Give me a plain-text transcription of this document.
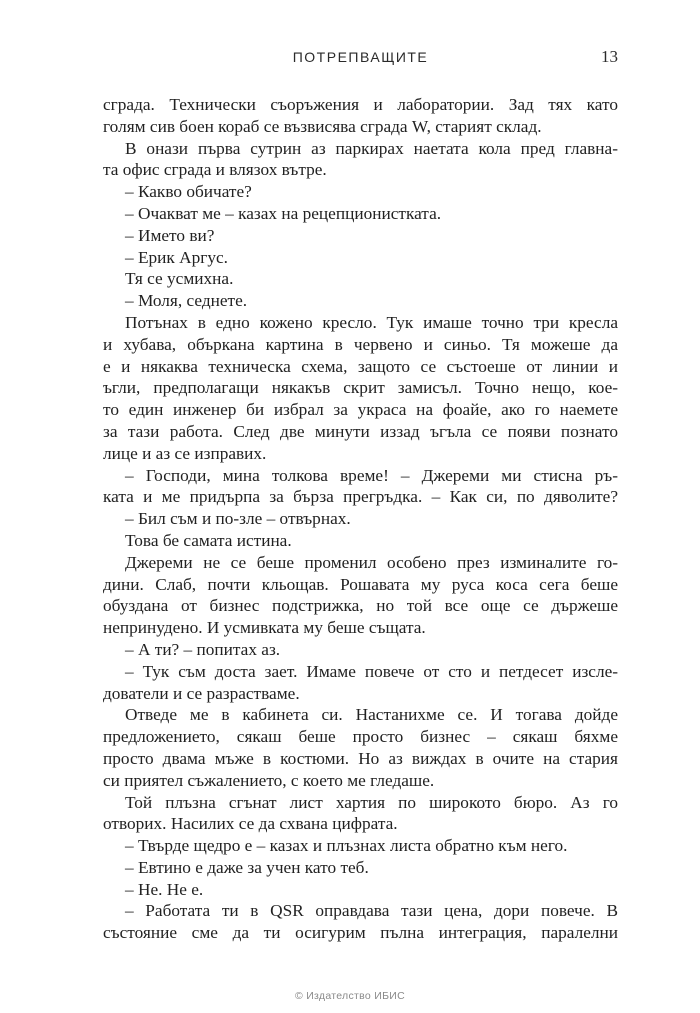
ПОТРЕПВАЩИТЕ	13
сграда. Технически съоръжения и лаборатории. Зад тях като
голям сив боен кораб се възвисява сграда W, старият склад.
В онази първа сутрин аз паркирах наетата кола пред главна-
та офис сграда и влязох вътре.
– Какво обичате?
– Очакват ме – казах на рецепционистката.
– Името ви?
– Ерик Аргус.
Тя се усмихна.
– Моля, седнете.
Потънах в едно кожено кресло. Тук имаше точно три кресла
и хубава, объркана картина в червено и синьо. Тя можеше да
е и някаква техническа схема, защото се състоеше от линии и
ъгли, предполагащи някакъв скрит замисъл. Точно нещо, кое-
то един инженер би избрал за украса на фоайе, ако го наемете
за тази работа. След две минути иззад ъгъла се появи познато
лице и аз се изправих.
– Господи, мина толкова време! – Джереми ми стисна ръ-
ката и ме придърпа за бърза прегръдка. – Как си, по дяволите?
– Бил съм и по-зле – отвърнах.
Това бе самата истина.
Джереми не се беше променил особено през изминалите го-
дини. Слаб, почти кльощав. Рошавата му руса коса сега беше
обуздана от бизнес подстрижка, но той все още се държеше
непринудено. И усмивката му беше същата.
– А ти? – попитах аз.
– Тук съм доста зает. Имаме повече от сто и петдесет изсле-
дователи и се разрастваме.
Отведе ме в кабинета си. Настанихме се. И тогава дойде
предложението, сякаш беше просто бизнес – сякаш бяхме
просто двама мъже в костюми. Но аз виждах в очите на стария
си приятел съжалението, с което ме гледаше.
Той плъзна сгънат лист хартия по широкото бюро. Аз го
отворих. Насилих се да схвана цифрата.
– Твърде щедро е – казах и плъзнах листа обратно към него.
– Евтино е даже за учен като теб.
– Не. Не е.
– Работата ти в QSR оправдава тази цена, дори повече. В
състояние сме да ти осигурим пълна интеграция, паралелни
© Издателство ИБИС
